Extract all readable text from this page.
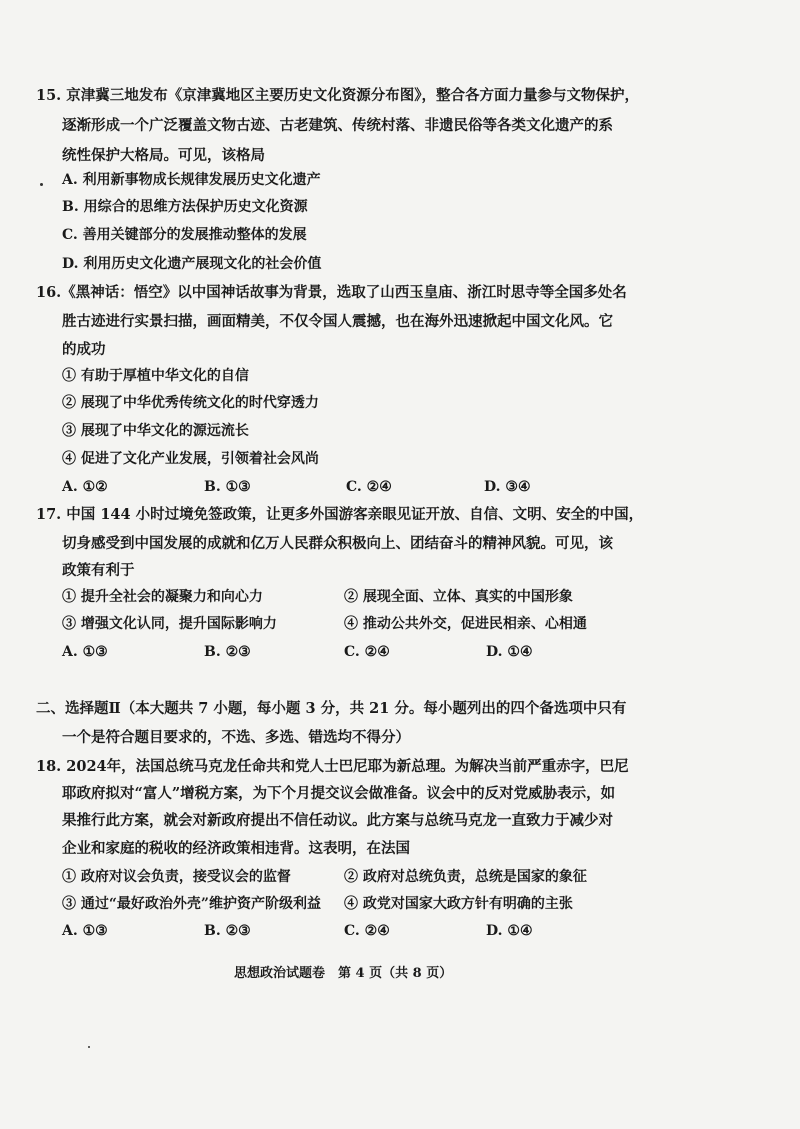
15. 京津冀三地发布《京津冀地区主要历史文化资源分布图》，整合各方面力量参与文物保护，
逐渐形成一个广泛覆盖文物古迹、古老建筑、传统村落、非遗民俗等各类文化遗产的系
统性保护大格局。可见，该格局
A. 利用新事物成长规律发展历史文化遗产
B. 用综合的思维方法保护历史文化资源
C. 善用关键部分的发展推动整体的发展
D. 利用历史文化遗产展现文化的社会价值
16.《黑神话：悟空》以中国神话故事为背景，选取了山西玉皇庙、浙江时思寺等全国多处名
胜古迹进行实景扫描，画面精美，不仅令国人震撼，也在海外迅速掀起中国文化风。它
的成功
① 有助于厚植中华文化的自信
② 展现了中华优秀传统文化的时代穿透力
③ 展现了中华文化的源远流长
④ 促进了文化产业发展，引领着社会风尚
A. ①②	B. ①③	C. ②④	D. ③④
17. 中国 144 小时过境免签政策，让更多外国游客亲眼见证开放、自信、文明、安全的中国，
切身感受到中国发展的成就和亿万人民群众积极向上、团结奋斗的精神风貌。可见，该
政策有利于
① 提升全社会的凝聚力和向心力	② 展现全面、立体、真实的中国形象
③ 增强文化认同，提升国际影响力	④ 推动公共外交，促进民相亲、心相通
A. ①③	B. ②③	C. ②④	D. ①④
二、选择题Ⅱ（本大题共 7 小题，每小题 3 分，共 21 分。每小题列出的四个备选项中只有
一个是符合题目要求的，不选、多选、错选均不得分）
18. 2024年，法国总统马克龙任命共和党人士巴尼耶为新总理。为解决当前严重赤字，巴尼
耶政府拟对“富人”增税方案，为下个月提交议会做准备。议会中的反对党威胁表示，如
果推行此方案，就会对新政府提出不信任动议。此方案与总统马克龙一直致力于减少对
企业和家庭的税收的经济政策相违背。这表明，在法国
① 政府对议会负责，接受议会的监督	② 政府对总统负责，总统是国家的象征
③ 通过“最好政治外壳”维护资产阶级利益 ④ 政党对国家大政方针有明确的主张
A. ①③	B. ②③	C. ②④	D. ①④
思想政治试题卷　第 4 页（共 8 页）
